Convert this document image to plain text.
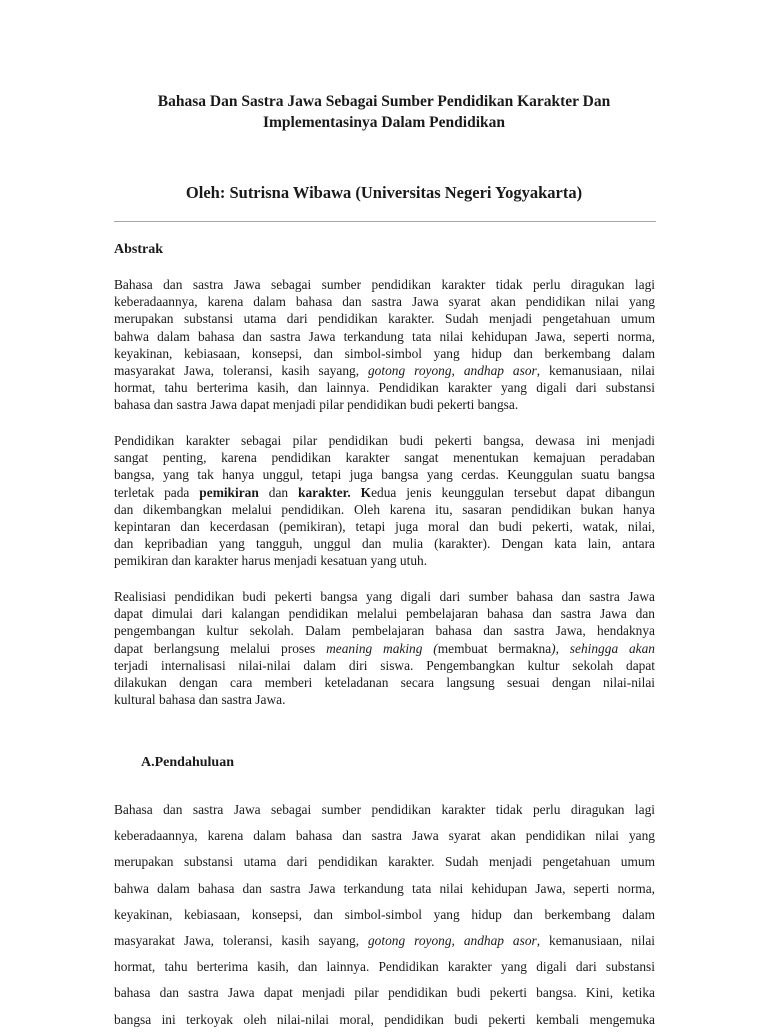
Bahasa Dan Sastra Jawa Sebagai Sumber Pendidikan Karakter Dan
Implementasinya Dalam Pendidikan
Oleh: Sutrisna Wibawa (Universitas Negeri Yogyakarta)
Abstrak
Bahasa dan sastra Jawa sebagai sumber pendidikan karakter tidak perlu diragukan lagi
keberadaannya, karena dalam bahasa dan sastra Jawa syarat akan pendidikan nilai yang
merupakan substansi utama dari pendidikan karakter. Sudah menjadi pengetahuan umum
bahwa dalam bahasa dan sastra Jawa terkandung tata nilai kehidupan Jawa, seperti norma,
keyakinan, kebiasaan, konsepsi, dan simbol-simbol yang hidup dan berkembang dalam
masyarakat Jawa, toleransi, kasih sayang, gotong royong, andhap asor, kemanusiaan, nilai
hormat, tahu berterima kasih, dan lainnya. Pendidikan karakter yang digali dari substansi
bahasa dan sastra Jawa dapat menjadi pilar pendidikan budi pekerti bangsa.
Pendidikan karakter sebagai pilar pendidikan budi pekerti bangsa, dewasa ini menjadi
sangat penting, karena pendidikan karakter sangat menentukan kemajuan peradaban
bangsa, yang tak hanya unggul, tetapi juga bangsa yang cerdas. Keunggulan suatu bangsa
terletak pada pemikiran dan karakter. Kedua jenis keunggulan tersebut dapat dibangun
dan dikembangkan melalui pendidikan. Oleh karena itu, sasaran pendidikan bukan hanya
kepintaran dan kecerdasan (pemikiran), tetapi juga moral dan budi pekerti, watak, nilai,
dan kepribadian yang tangguh, unggul dan mulia (karakter). Dengan kata lain, antara
pemikiran dan karakter harus menjadi kesatuan yang utuh.
Realisiasi pendidikan budi pekerti bangsa yang digali dari sumber bahasa dan sastra Jawa
dapat dimulai dari kalangan pendidikan melalui pembelajaran bahasa dan sastra Jawa dan
pengembangan kultur sekolah. Dalam pembelajaran bahasa dan sastra Jawa, hendaknya
dapat berlangsung melalui proses meaning making (membuat bermakna), sehingga akan
terjadi internalisasi nilai-nilai dalam diri siswa. Pengembangkan kultur sekolah dapat
dilakukan dengan cara memberi keteladanan secara langsung sesuai dengan nilai-nilai
kultural bahasa dan sastra Jawa.
A.Pendahuluan
Bahasa dan sastra Jawa sebagai sumber pendidikan karakter tidak perlu diragukan lagi
keberadaannya, karena dalam bahasa dan sastra Jawa syarat akan pendidikan nilai yang
merupakan substansi utama dari pendidikan karakter. Sudah menjadi pengetahuan umum
bahwa dalam bahasa dan sastra Jawa terkandung tata nilai kehidupan Jawa, seperti norma,
keyakinan, kebiasaan, konsepsi, dan simbol-simbol yang hidup dan berkembang dalam
masyarakat Jawa, toleransi, kasih sayang, gotong royong, andhap asor, kemanusiaan, nilai
hormat, tahu berterima kasih, dan lainnya. Pendidikan karakter yang digali dari substansi
bahasa dan sastra Jawa dapat menjadi pilar pendidikan budi pekerti bangsa. Kini, ketika
bangsa ini terkoyak oleh nilai-nilai moral, pendidikan budi pekerti kembali mengemuka
